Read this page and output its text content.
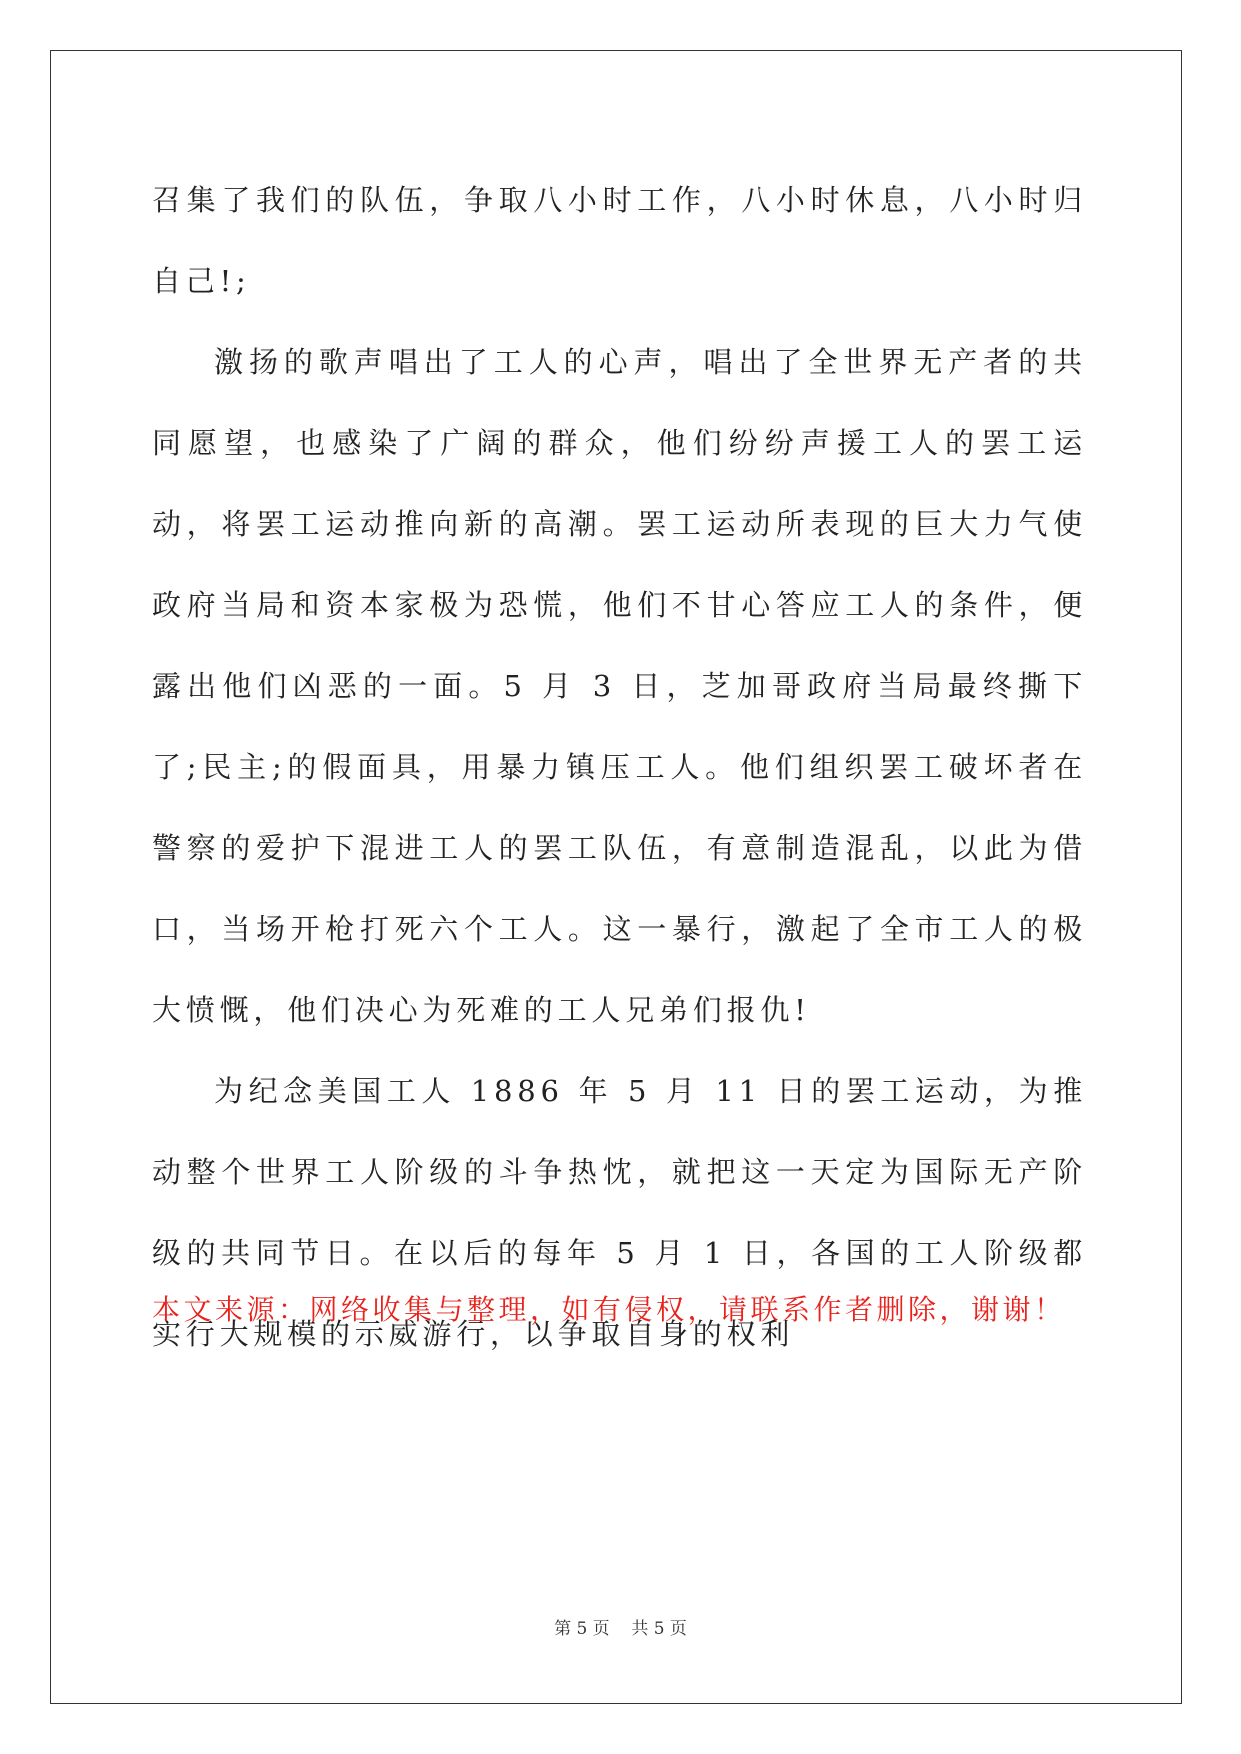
召集了我们的队伍，争取八小时工作，八小时休息，八小时归自己!;

激扬的歌声唱出了工人的心声，唱出了全世界无产者的共同愿望，也感染了广阔的群众，他们纷纷声援工人的罢工运动，将罢工运动推向新的高潮。罢工运动所表现的巨大力气使政府当局和资本家极为恐慌，他们不甘心答应工人的条件，便露出他们凶恶的一面。5 月 3 日，芝加哥政府当局最终撕下了;民主;的假面具，用暴力镇压工人。他们组织罢工破坏者在警察的爱护下混进工人的罢工队伍，有意制造混乱，以此为借口，当场开枪打死六个工人。这一暴行，激起了全市工人的极大愤慨，他们决心为死难的工人兄弟们报仇!

为纪念美国工人 1886 年 5 月 11 日的罢工运动，为推动整个世界工人阶级的斗争热忱，就把这一天定为国际无产阶级的共同节日。在以后的每年 5 月 1 日，各国的工人阶级都实行大规模的示威游行，以争取自身的权利

本文来源：网络收集与整理，如有侵权，请联系作者删除，谢谢！

第 5 页 共 5 页
